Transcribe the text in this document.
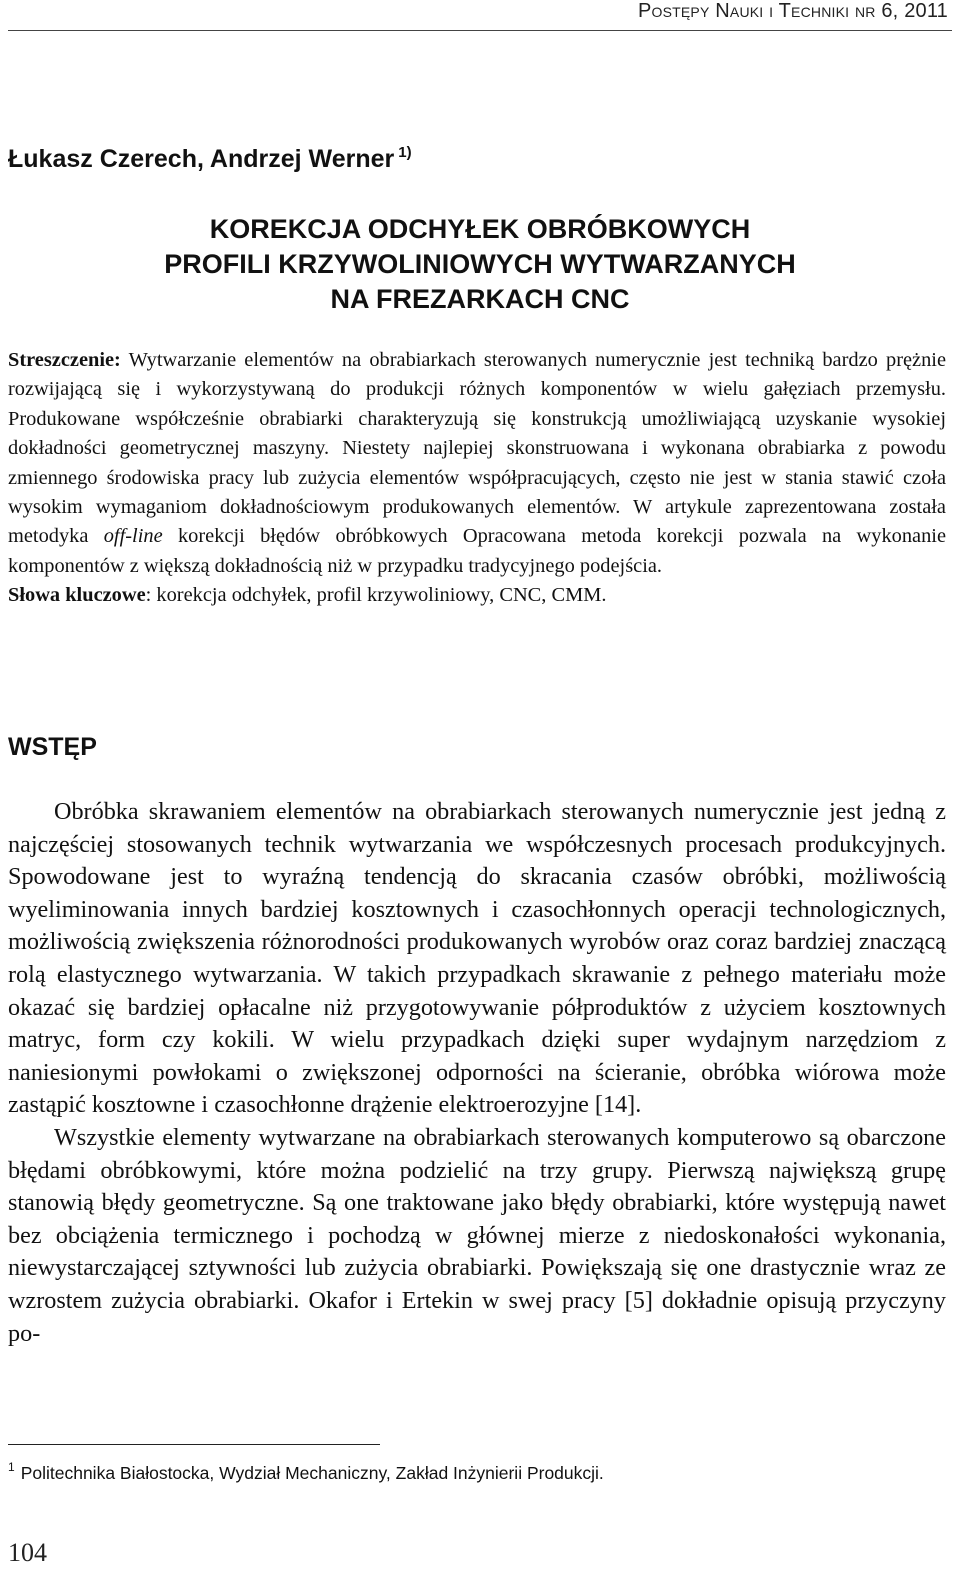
Postępy Nauki i Techniki nr 6, 2011
Łukasz Czerech, Andrzej Werner $^{1)}$
KOREKCJA ODCHYŁEK OBRÓBKOWYCH
PROFILI KRZYWOLINIOWYCH WYTWARZANYCH
NA FREZARKACH CNC
Streszczenie: Wytwarzanie elementów na obrabiarkach sterowanych numerycznie jest techniką bardzo prężnie rozwijającą się i wykorzystywaną do produkcji różnych komponentów w wielu gałęziach przemysłu. Produkowane współcześnie obrabiarki charakteryzują się konstrukcją umożliwiającą uzyskanie wysokiej dokładności geometrycznej maszyny. Niestety najlepiej skonstruowana i wykonana obrabiarka z powodu zmiennego środowiska pracy lub zużycia elementów współpracujących, często nie jest w stania stawić czoła wysokim wymaganiom dokładnościowym produkowanych elementów. W artykule zaprezentowana została metodyka off-line korekcji błędów obróbkowych Opracowana metoda korekcji pozwala na wykonanie komponentów z większą dokładnością niż w przypadku tradycyjnego podejścia.
Słowa kluczowe: korekcja odchyłek, profil krzywoliniowy, CNC, CMM.
WSTĘP

Obróbka skrawaniem elementów na obrabiarkach sterowanych numerycznie jest jedną z najczęściej stosowanych technik wytwarzania we współczesnych procesach produkcyjnych. Spowodowane jest to wyraźną tendencją do skracania czasów obróbki, możliwością wyeliminowania innych bardziej kosztownych i czasochłonnych operacji technologicznych, możliwością zwiększenia różnorodności produkowanych wyrobów oraz coraz bardziej znaczącą rolą elastycznego wytwarzania. W takich przypadkach skrawanie z pełnego materiału może okazać się bardziej opłacalne niż przygotowywanie półproduktów z użyciem kosztownych matryc, form czy kokili. W wielu przypadkach dzięki super wydajnym narzędziom z naniesionymi powłokami o zwiększonej odporności na ścieranie, obróbka wiórowa może zastąpić kosztowne i czasochłonne drążenie elektroerozyjne [14].

Wszystkie elementy wytwarzane na obrabiarkach sterowanych komputerowo są obarczone błędami obróbkowymi, które można podzielić na trzy grupy. Pierwszą największą grupę stanowią błędy geometryczne. Są one traktowane jako błędy obrabiarki, które występują nawet bez obciążenia termicznego i pochodzą w głównej mierze z niedoskonałości wykonania, niewystarczającej sztywności lub zużycia obrabiarki. Powiększają się one drastycznie wraz ze wzrostem zużycia obrabiarki. Okafor i Ertekin w swej pracy [5] dokładnie opisują przyczyny po-

$^1$ Politechnika Białostocka, Wydział Mechaniczny, Zakład Inżynierii Produkcji.
104
